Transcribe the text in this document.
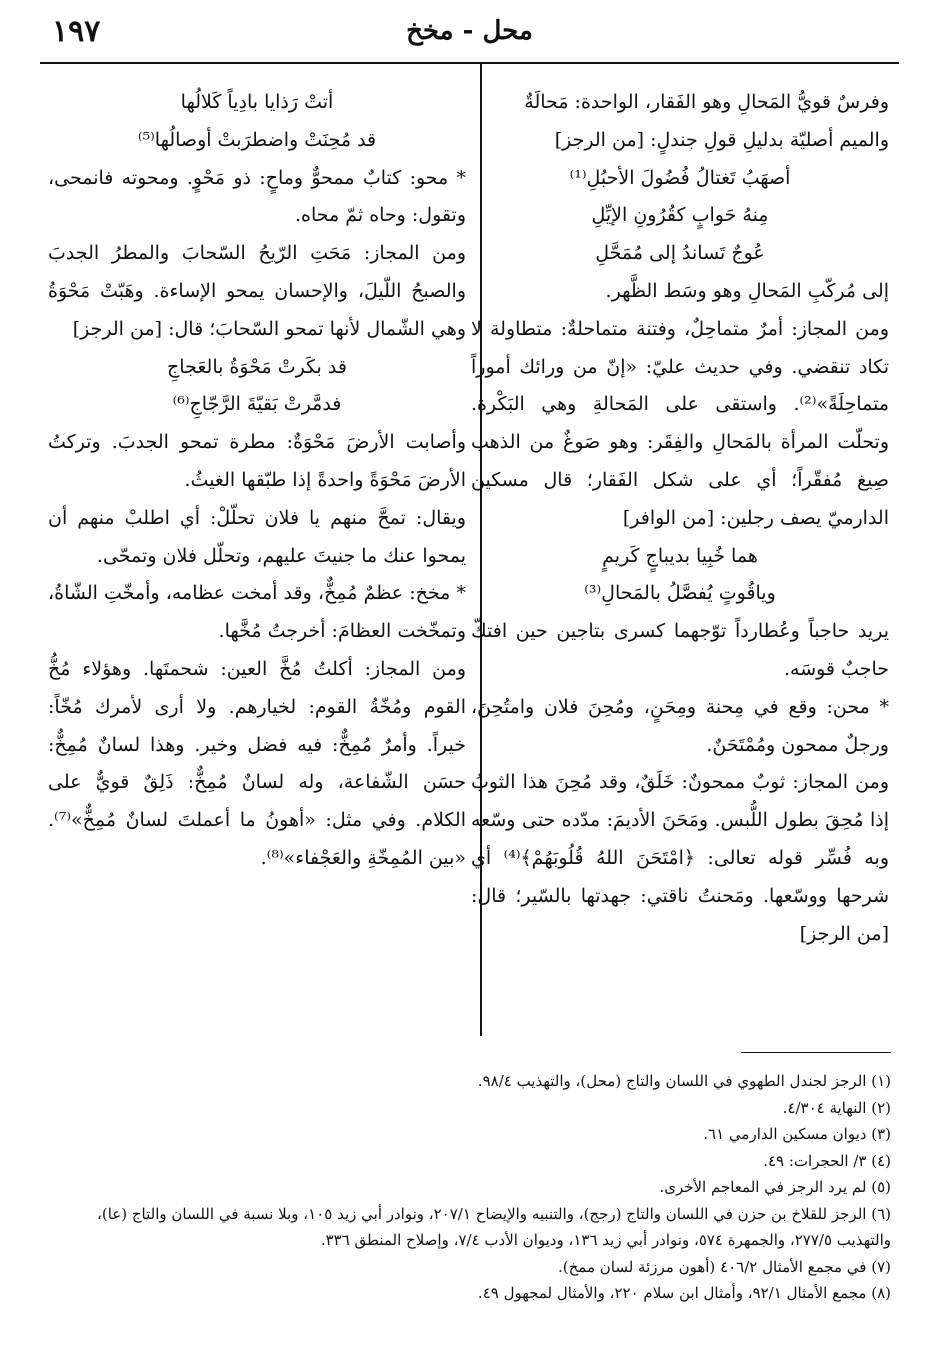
١٩٧	محل - مخخ

وفرسٌ قويُّ المَحالِ وهو الفَقار، الواحدة: مَحالَةٌ

والميم أصليّة بدليلِ قولِ جندلٍ: [من الرجز]

أصهَبُ تَغتالُ فُضُولَ الأحبُلِ⁽¹⁾

مِنهُ حَوابٍ كقُرُونِ الإيِّلِ

عُوجٌ تَساندُ إلى مُمَحَّلِ

إلى مُركّبِ المَحالِ وهو وسَط الظَّهر.

ومن المجاز: أمرٌ متماحِلٌ، وفتنة متماحلةٌ: متطاولة لا تكاد تنقضي. وفي حديث عليّ: «إنّ من ورائك أموراً متماحِلَةً»⁽²⁾. واستقى على المَحالةِ وهي البَكْرة. وتحلّت المرأة بالمَحالِ والفِقَر: وهو صَوغٌ من الذهب صِيغ مُفقّراً؛ أي على شكل الفَقار؛ قال مسكين الدارميّ يصف رجلين: [من الوافر]

هما خُبِيا بديباجٍ كَريمٍ

وياقُوتٍ يُفصَّلُ بالمَحالِ⁽³⁾

يريد حاجباً وعُطارداً توّجهما كسرى بتاجين حين افتكّ حاجبٌ قوسَه.

* محن: وقع في مِحنة ومِحَنٍ، ومُحِنَ فلان وامتُحِنَ، ورجلٌ ممحون ومُمْتَحَنٌ.

ومن المجاز: ثوبٌ ممحونٌ: خَلَقٌ، وقد مُحِنَ هذا الثوبُ إذا مُحِقَ بطول اللُّبس. ومَحَنَ الأديمَ: مدّده حتى وسّعه وبه فُسِّر قوله تعالى: ﴿امْتَحَنَ اللهُ قُلُوبَهُمْ﴾⁽⁴⁾ أي شرحها ووسّعها. ومَحنتُ ناقتي: جهدتها بالسّير؛ قال: [من الرجز]

أتتْ رَذايا بادِياً كَلالُها

قد مُحِنَتْ واضطرَبتْ أوصالُها⁽⁵⁾

* محو: كتابٌ ممحوٌّ وماحٍ: ذو مَحْوٍ. ومحوته فانمحى، وتقول: وحاه ثمّ محاه.

ومن المجاز: مَحَتِ الرّيحُ السّحابَ والمطرُ الجدبَ والصبحُ اللّيلَ، والإحسان يمحو الإساءة. وهَبّتْ مَحْوَةُ وهي الشّمال لأنها تمحو السّحابَ؛ قال: [من الرجز]

قد بكَرتْ مَحْوَةُ بالعَجاجِ

فدمَّرتْ بَقيّةَ الرَّجّاجِ⁽⁶⁾

وأصابت الأرضَ مَحْوَةٌ: مطرة تمحو الجدبَ. وتركتُ الأرضَ مَحْوَةً واحدةً إذا طبّقها الغيثُ.

ويقال: تمحَّ منهم يا فلان تحلّلْ: أي اطلبْ منهم أن يمحوا عنك ما جنيتَ عليهم، وتحلّل فلان وتمحّى.

* مخخ: عظمٌ مُمِخٌّ، وقد أمخت عظامه، وأمخّتِ الشّاةُ، وتمخّخت العظامَ: أخرجتُ مُخَّها.

ومن المجاز: أكلتُ مُخَّ العين: شحمتَها. وهؤلاء مُخُّ القوم ومُخّةُ القوم: لخيارهم. ولا أرى لأمرك مُخّاً: خيراً. وأمرٌ مُمِخٌّ: فيه فضل وخير. وهذا لسانٌ مُمِخٌّ: حسَن الشّفاعة، وله لسانٌ مُمِخٌّ: ذَلِقٌ قويٌّ على الكلام. وفي مثل: «أهونُ ما أعملتَ لسانٌ مُمِخٌّ»⁽⁷⁾. «بين المُمِخّةِ والعَجْفاء»⁽⁸⁾.

(١) الرجز لجندل الطهوي في اللسان والتاج (محل)، والتهذيب ٩٨/٤.
(٢) النهاية ٤/٣٠٤.
(٣) ديوان مسكين الدارمي ٦١.
(٤) ٣/ الحجرات: ٤٩.
(٥) لم يرد الرجز في المعاجم الأخرى.
(٦) الرجز للقلاخ بن حزن في اللسان والتاج (رجج)، والتنبيه والإيضاح ٢٠٧/١، ونوادر أبي زيد ١٠٥، وبلا نسبة في اللسان والتاج (عا)، والتهذيب ٢٧٧/٥، والجمهرة ٥٧٤، ونوادر أبي زيد ١٣٦، وديوان الأدب ٧/٤، وإصلاح المنطق ٣٣٦.
(٧) في مجمع الأمثال ٤٠٦/٢ (أهون مرزئة لسان ممخ).
(٨) مجمع الأمثال ٩٢/١، وأمثال ابن سلام ٢٢٠، والأمثال لمجهول ٤٩.
